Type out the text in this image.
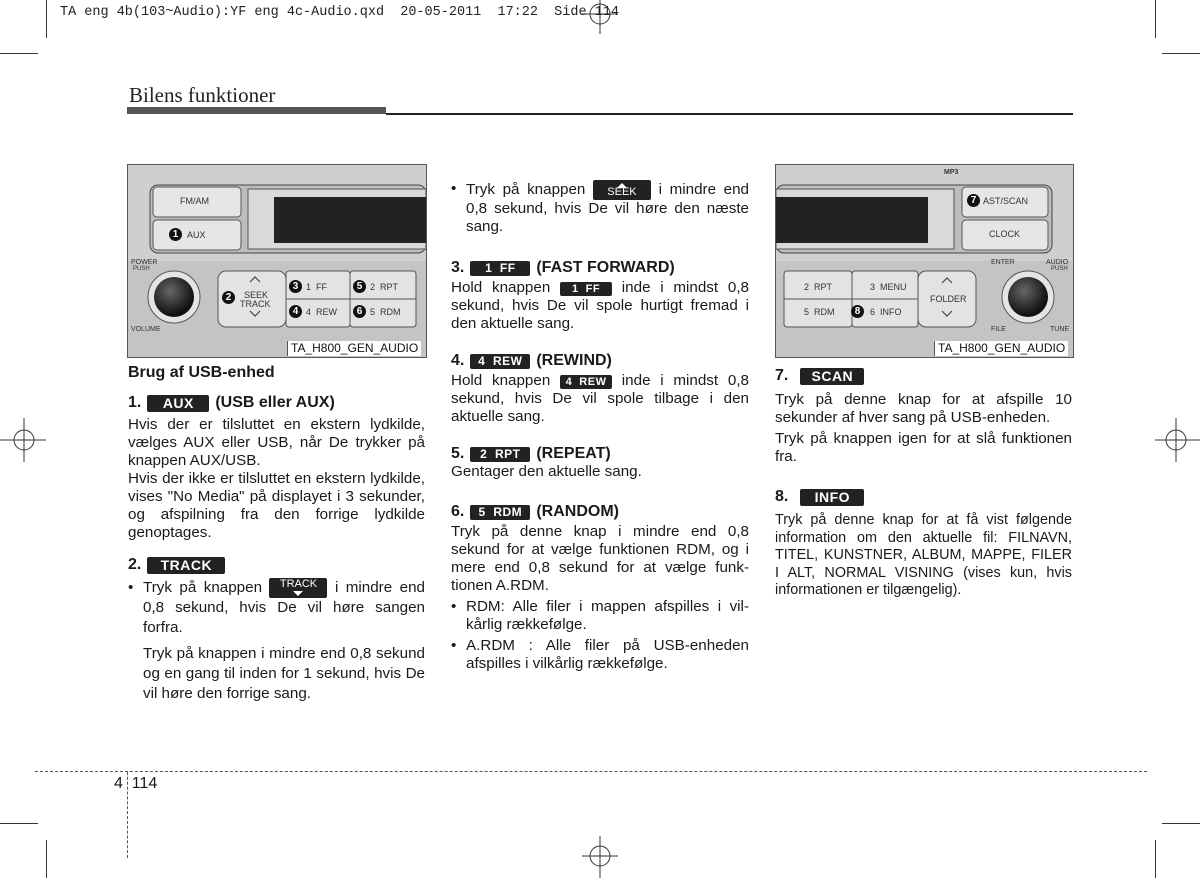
TA eng 4b(103~Audio):YF eng 4c-Audio.qxd  20-05-2011  17:22  Side 114
Bilens funktioner
FM/AM
1 AUX
POWER
PUSH
VOLUME
2	SEEK
TRACK
3 1  FF
4 4  REW
5 2  RPT
6 5  RDM
TA_H800_GEN_AUDIO
MP3
7 AST/SCAN
CLOCK
ENTER	AUDIO
PUSH
2  RPT
5  RDM
3  MENU
8	6  INFO
FOLDER
FILE	TUNE
TA_H800_GEN_AUDIO
Brug af USB-enhed
1.	AUX	(USB eller AUX)

Hvis der er tilsluttet en ekstern lydkilde, vælges AUX eller USB, når De trykker på knappen AUX/USB.

Hvis der ikke er tilsluttet en ekstern lydkilde, vises "No Media" på displayet i 3 sekunder, og afspilning fra den forrige lydkilde genoptages.

2.	TRACK

• Tryk på knappen TRACK i mindre end 0,8 sekund, hvis De vil høre sangen forfra.

Tryk på knappen i mindre end 0,8 sekund og en gang til inden for 1 sekund, hvis De vil høre den forrige sang.

• Tryk på knappen SEEK i mindre end 0,8 sekund, hvis De vil høre den næste sang.

3.	1  FF	(FAST FORWARD)

Hold knappen 1  FF inde i mindst 0,8 sekund, hvis De vil spole hurtigt fremad i den aktuelle sang.

4.	4  REW (REWIND)

Hold knappen 4  REW inde i mindst 0,8 sekund, hvis De vil spole tilbage i den aktuelle sang.

5.	2  RPT (REPEAT)

Gentager den aktuelle sang.

6.	5  RDM (RANDOM)

Tryk på denne knap i mindre end 0,8 sekund for at vælge funktionen RDM, og i mere end 0,8 sekund for at vælge funktionen A.RDM.

• RDM: Alle filer i mappen afspilles i vilkårlig rækkefølge.

• A.RDM : Alle filer på USB-enheden afspilles i vilkårlig rækkefølge.

7.	SCAN

Tryk på denne knap for at afspille 10 sekunder af hver sang på USB-enheden.

Tryk på knappen igen for at slå funktionen fra.

8.	INFO

Tryk på denne knap for at få vist følgende information om den aktuelle fil: FILNAVN, TITEL, KUNSTNER, ALBUM, MAPPE, FILER I ALT, NORMAL VISNING (vises kun, hvis informationen er tilgængelig).

4 114
